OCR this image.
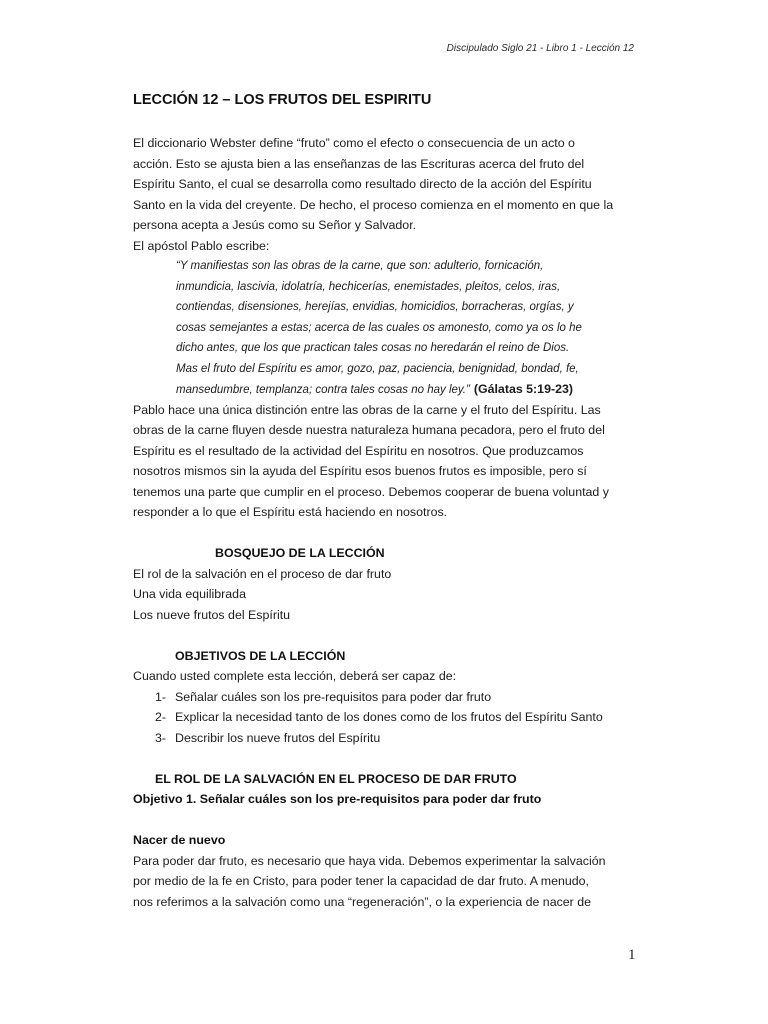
Discipulado Siglo 21 - Libro 1 - Lección 12
LECCIÓN 12 – LOS FRUTOS DEL ESPIRITU
El diccionario Webster define “fruto” como el efecto o consecuencia de un acto o
acción. Esto se ajusta bien a las enseñanzas de las Escrituras acerca del fruto del
Espíritu Santo, el cual se desarrolla como resultado directo de la acción del Espíritu
Santo en la vida del creyente. De hecho, el proceso comienza en el momento en que la
persona acepta a Jesús como su Señor y Salvador.
El apóstol Pablo escribe:
“Y manifiestas son las obras de la carne, que son: adulterio, fornicación,
inmundicia, lascivia, idolatría, hechicerías, enemistades, pleitos, celos, iras,
contiendas, disensiones, herejías, envidias, homicidios, borracheras, orgías, y
cosas semejantes a estas; acerca de las cuales os amonesto, como ya os lo he
dicho antes, que los que practican tales cosas no heredarán el reino de Dios.
Mas el fruto del Espíritu es amor, gozo, paz, paciencia, benignidad, bondad, fe,
mansedumbre, templanza; contra tales cosas no hay ley.” (Gálatas 5:19-23)
Pablo hace una única distinción entre las obras de la carne y el fruto del Espíritu. Las
obras de la carne fluyen desde nuestra naturaleza humana pecadora, pero el fruto del
Espíritu es el resultado de la actividad del Espíritu en nosotros. Que produzcamos
nosotros mismos sin la ayuda del Espíritu esos buenos frutos es imposible, pero sí
tenemos una parte que cumplir en el proceso. Debemos cooperar de buena voluntad y
responder a lo que el Espíritu está haciendo en nosotros.
BOSQUEJO DE LA LECCIÓN
El rol de la salvación en el proceso de dar fruto
Una vida equilibrada
Los nueve frutos del Espíritu
OBJETIVOS DE LA LECCIÓN
Cuando usted complete esta lección, deberá ser capaz de:
1- Señalar cuáles son los pre-requisitos para poder dar fruto
2- Explicar la necesidad tanto de los dones como de los frutos del Espíritu Santo
3- Describir los nueve frutos del Espíritu
EL ROL DE LA SALVACIÓN EN EL PROCESO DE DAR FRUTO
Objetivo 1. Señalar cuáles son los pre-requisitos para poder dar fruto
Nacer de nuevo
Para poder dar fruto, es necesario que haya vida. Debemos experimentar la salvación
por medio de la fe en Cristo, para poder tener la capacidad de dar fruto. A menudo,
nos referimos a la salvación como una “regeneración”, o la experiencia de nacer de
1
